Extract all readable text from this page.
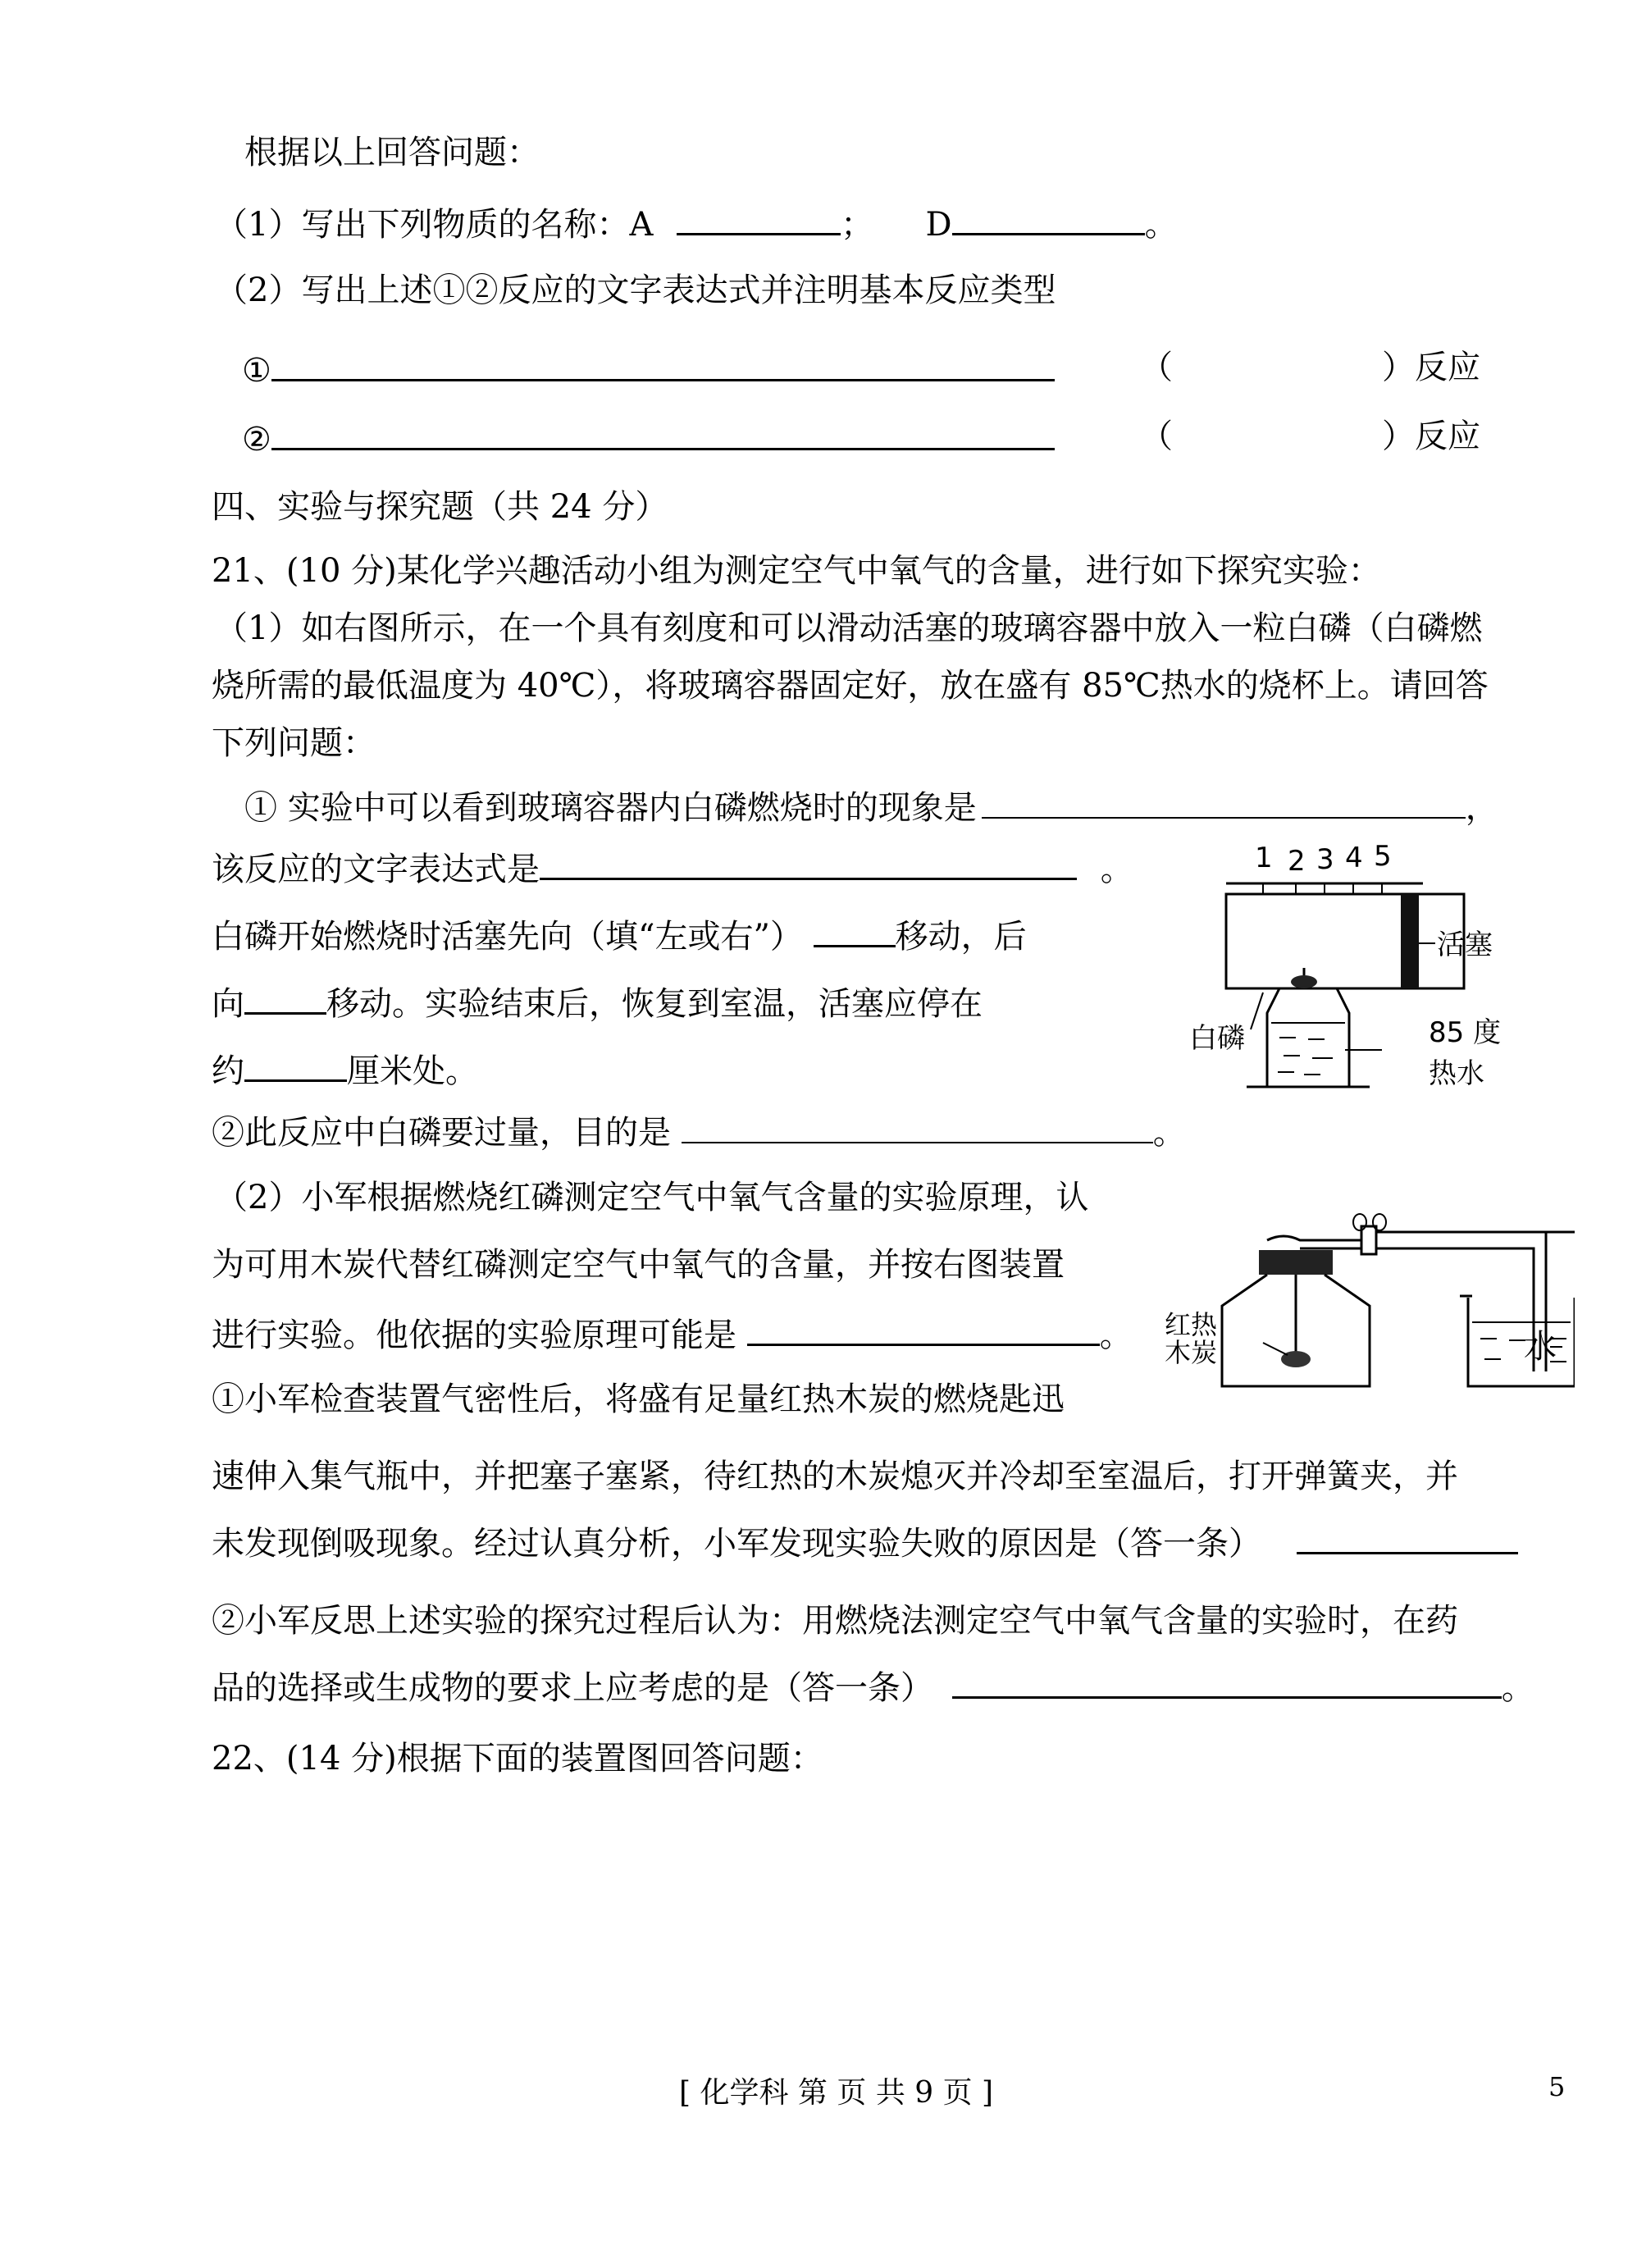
根据以上回答问题：
（1）写出下列物质的名称：A	； D	。
（2）写出上述①②反应的文字表达式并注明基本反应类型
①	（	）反应
②	（	）反应
四、实验与探究题（共 24 分）
21、(10 分)某化学兴趣活动小组为测定空气中氧气的含量，进行如下探究实验：
（1）如右图所示，在一个具有刻度和可以滑动活塞的玻璃容器中放入一粒白磷（白磷燃
烧所需的最低温度为 40℃），将玻璃容器固定好，放在盛有 85℃热水的烧杯上。请回答
下列问题：
① 实验中可以看到玻璃容器内白磷燃烧时的现象是	，
该反应的文字表达式是	。
白磷开始燃烧时活塞先向（填“左或右”）	移动，后
向	移动。实验结束后，恢复到室温，活塞应停在
约	厘米处。
②此反应中白磷要过量，目的是	。
1 2 3 4 5
活塞
白磷	85 度
热水
（2）小军根据燃烧红磷测定空气中氧气含量的实验原理，认
为可用木炭代替红磷测定空气中氧气的含量，并按右图装置
进行实验。他依据的实验原理可能是	。
①小军检查装置气密性后，将盛有足量红热木炭的燃烧匙迅
红热
木炭	水
速伸入集气瓶中，并把塞子塞紧，待红热的木炭熄灭并冷却至室温后，打开弹簧夹，并
未发现倒吸现象。经过认真分析，小军发现实验失败的原因是（答一条）
②小军反思上述实验的探究过程后认为：用燃烧法测定空气中氧气含量的实验时，在药
品的选择或生成物的要求上应考虑的是（答一条）	。
22、(14 分)根据下面的装置图回答问题：
[ 化学科 第 页 共 9 页 ]	5
